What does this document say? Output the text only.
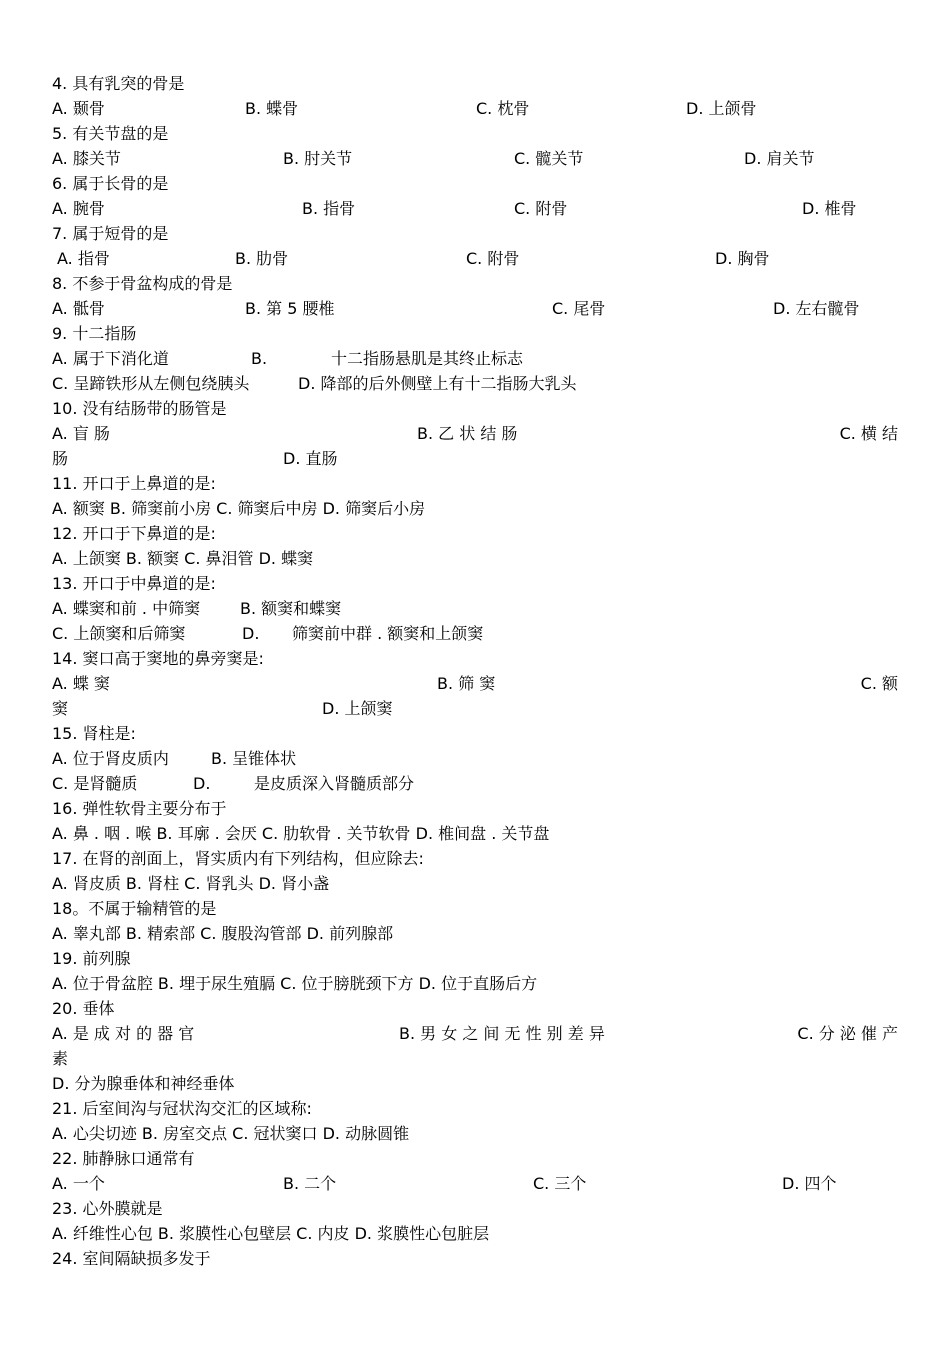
4. 具有乳突的骨是
A. 颞骨	B. 蝶骨	C. 枕骨	D. 上颌骨
5. 有关节盘的是
A. 膝关节	B. 肘关节	C. 髋关节	D. 肩关节
6. 属于长骨的是
A. 腕骨	B. 指骨	C. 附骨	D. 椎骨
7. 属于短骨的是
A. 指骨	B. 肋骨	C. 附骨	D. 胸骨
8. 不参于骨盆构成的骨是
A. 骶骨	B. 第 5 腰椎	C. 尾骨	D. 左右髋骨
9. 十二指肠
A. 属于下消化道	B.	十二指肠悬肌是其终止标志
C. 呈蹄铁形从左侧包绕胰头	D. 降部的后外侧壁上有十二指肠大乳头
10. 没有结肠带的肠管是
A. 盲 肠	B. 乙 状 结 肠	C. 横 结
肠	D. 直肠
11. 开口于上鼻道的是:
A. 额窦 B. 筛窦前小房 C. 筛窦后中房 D. 筛窦后小房
12. 开口于下鼻道的是:
A. 上颌窦 B. 额窦 C. 鼻泪管 D. 蝶窦
13. 开口于中鼻道的是:
A. 蝶窦和前 . 中筛窦 B. 额窦和蝶窦
C. 上颌窦和后筛窦	D. 筛窦前中群 . 额窦和上颌窦
14. 窦口高于窦地的鼻旁窦是:
A. 蝶 窦	B. 筛 窦	C. 额
窦	D. 上颌窦
15. 肾柱是:
A. 位于肾皮质内	B. 呈锥体状
C. 是肾髓质	D.	是皮质深入肾髓质部分
16. 弹性软骨主要分布于
A. 鼻 . 咽 . 喉 B. 耳廓 . 会厌 C. 肋软骨 . 关节软骨 D. 椎间盘 . 关节盘
17. 在肾的剖面上，肾实质内有下列结构，但应除去:
A. 肾皮质 B. 肾柱 C. 肾乳头 D. 肾小盏
18。不属于输精管的是
A. 睾丸部 B. 精索部 C. 腹股沟管部 D. 前列腺部
19. 前列腺
A. 位于骨盆腔 B. 埋于尿生殖膈 C. 位于膀胱颈下方 D. 位于直肠后方
20. 垂体
A. 是 成 对 的 器 官	B. 男 女 之 间 无 性 别 差 异	C. 分 泌 催 产
素
D. 分为腺垂体和神经垂体
21. 后室间沟与冠状沟交汇的区域称:
A. 心尖切迹 B. 房室交点 C. 冠状窦口 D. 动脉圆锥
22. 肺静脉口通常有
A. 一个	B. 二个	C. 三个	D. 四个
23. 心外膜就是
A. 纤维性心包 B. 浆膜性心包壁层 C. 内皮 D. 浆膜性心包脏层
24. 室间隔缺损多发于
